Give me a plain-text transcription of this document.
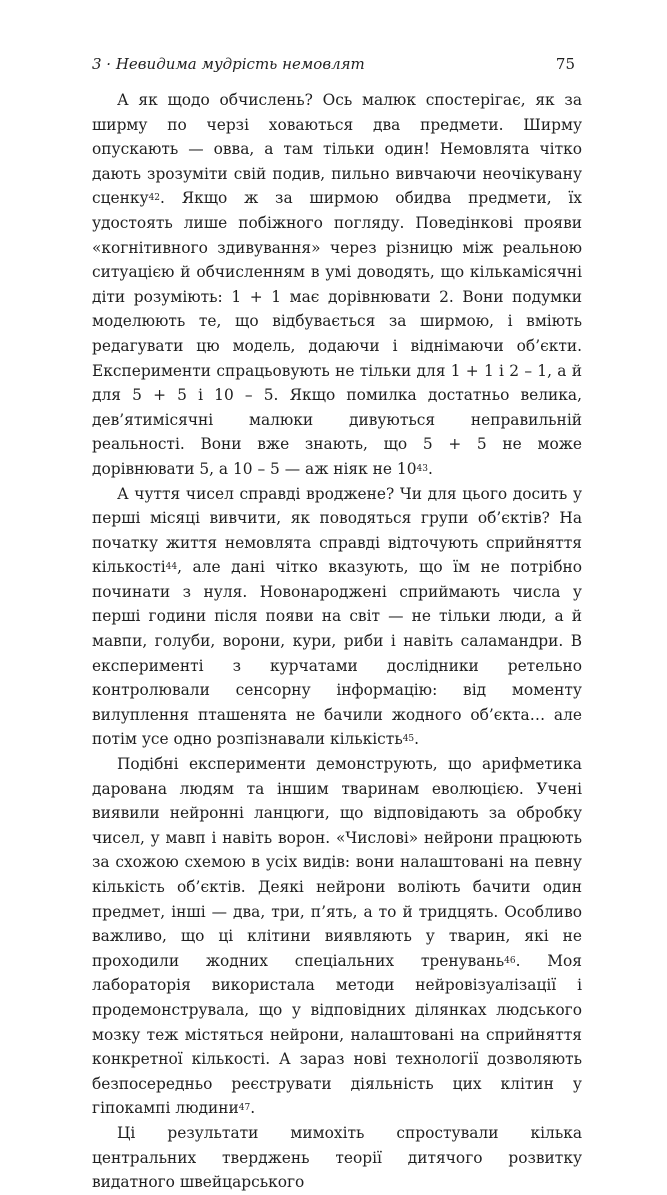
3 · Невидима мудрість немовлят	75

А як щодо обчислень? Ось малюк спостерігає, як за ширму по черзі ховаються два предмети. Ширму опускають — овва, а там тільки один! Немовлята чітко дають зрозуміти свій подив, пильно вивчаючи неочікувану сценку$^{42}$. Якщо ж за ширмою обидва предмети, їх удостоять лише побіжного погляду. Поведінкові прояви «когнітивного здивування» через різницю між реальною ситуацією й обчисленням в умі доводять, що кількамісячні діти розуміють: 1 + 1 має дорівнювати 2. Вони подумки моделюють те, що відбувається за ширмою, і вміють редагувати цю модель, додаючи і віднімаючи об’єкти. Експерименти спрацьовують не тільки для 1 + 1 і 2 – 1, а й для 5 + 5 і 10 – 5. Якщо помилка достатньо велика, дев’ятимісячні малюки дивуються неправильній реальності. Вони вже знають, що 5 + 5 не може дорівнювати 5, а 10 – 5 — аж ніяк не $10^{43}$.

А чуття чисел справді вроджене? Чи для цього досить у перші місяці вивчити, як поводяться групи об’єктів? На початку життя немовлята справді відточують сприйняття кількості$^{44}$, але дані чітко вказують, що їм не потрібно починати з нуля. Новонароджені сприймають числа у перші години після появи на світ — не тільки люди, а й мавпи, голуби, ворони, кури, риби і навіть саламандри. В експерименті з курчатами дослідники ретельно контролювали сенсорну інформацію: від моменту вилуплення пташенята не бачили жодного об’єкта… але потім усе одно розпізнавали кількість$^{45}$.

Подібні експерименти демонструють, що арифметика дарована людям та іншим тваринам еволюцією. Учені виявили нейронні ланцюги, що відповідають за обробку чисел, у мавп і навіть ворон. «Числові» нейрони працюють за схожою схемою в усіх видів: вони налаштовані на певну кількість об’єктів. Деякі нейрони воліють бачити один предмет, інші — два, три, п’ять, а то й тридцять. Особливо важливо, що ці клітини виявляють у тварин, які не проходили жодних спеціальних тренувань$^{46}$. Моя лабораторія використала методи нейровізуалізації і продемонструвала, що у відповідних ділянках людського мозку теж містяться нейрони, налаштовані на сприйняття конкретної кількості. А зараз нові технології дозволяють безпосередньо реєструвати діяльність цих клітин у гіпокампі людини$^{47}$.

Ці результати мимохіть спростували кілька центральних тверджень теорії дитячого розвитку видатного швейцарського
